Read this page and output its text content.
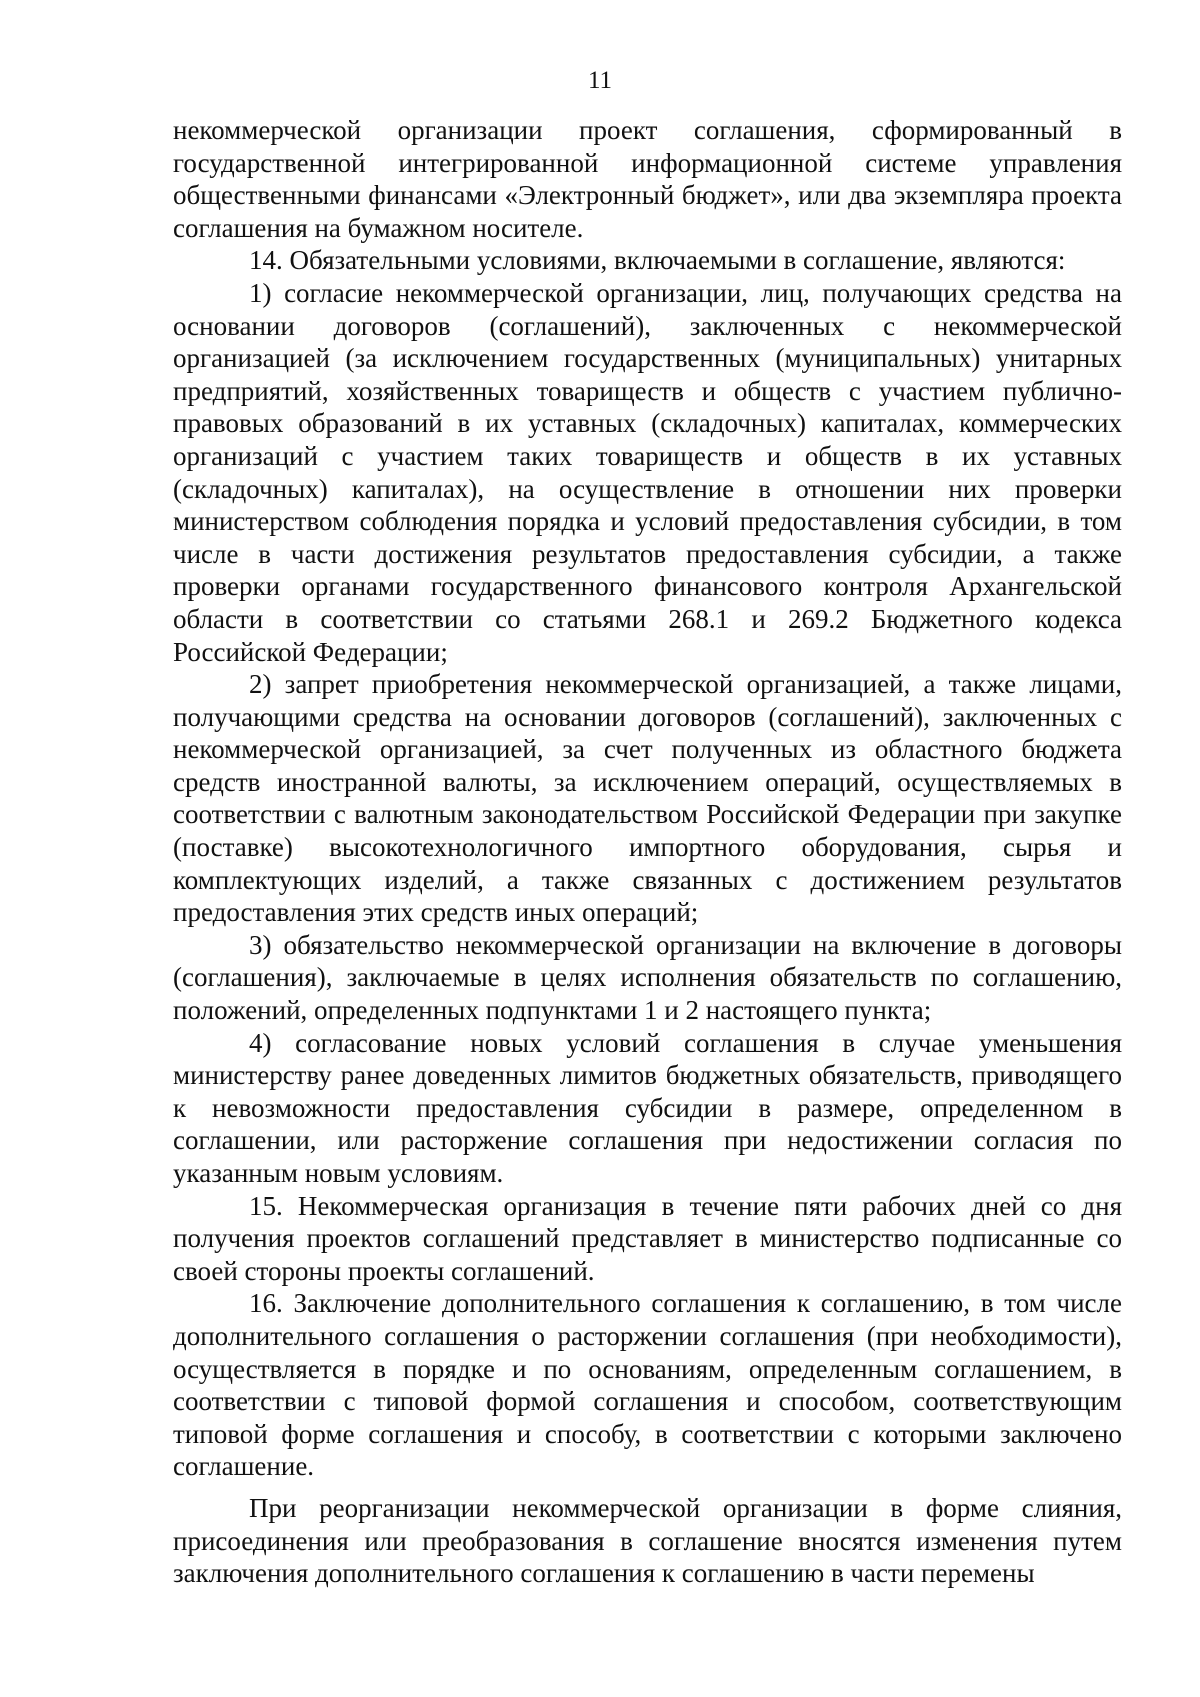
11

некоммерческой организации проект соглашения, сформированный в государственной интегрированной информационной системе управления общественными финансами «Электронный бюджет», или два экземпляра проекта соглашения на бумажном носителе.

14. Обязательными условиями, включаемыми в соглашение, являются:

1) согласие некоммерческой организации, лиц, получающих средства на основании договоров (соглашений), заключенных с некоммерческой организацией (за исключением государственных (муниципальных) унитарных предприятий, хозяйственных товариществ и обществ с участием публично-правовых образований в их уставных (складочных) капиталах, коммерческих организаций с участием таких товариществ и обществ в их уставных (складочных) капиталах), на осуществление в отношении них проверки министерством соблюдения порядка и условий предоставления субсидии, в том числе в части достижения результатов предоставления субсидии, а также проверки органами государственного финансового контроля Архангельской области в соответствии со статьями 268.1 и 269.2 Бюджетного кодекса Российской Федерации;

2) запрет приобретения некоммерческой организацией, а также лицами, получающими средства на основании договоров (соглашений), заключенных с некоммерческой организацией, за счет полученных из областного бюджета средств иностранной валюты, за исключением операций, осуществляемых в соответствии с валютным законодательством Российской Федерации при закупке (поставке) высокотехнологичного импортного оборудования, сырья и комплектующих изделий, а также связанных с достижением результатов предоставления этих средств иных операций;

3) обязательство некоммерческой организации на включение в договоры (соглашения), заключаемые в целях исполнения обязательств по соглашению, положений, определенных подпунктами 1 и 2 настоящего пункта;

4) согласование новых условий соглашения в случае уменьшения министерству ранее доведенных лимитов бюджетных обязательств, приводящего к невозможности предоставления субсидии в размере, определенном в соглашении, или расторжение соглашения при недостижении согласия по указанным новым условиям.

15. Некоммерческая организация в течение пяти рабочих дней со дня получения проектов соглашений представляет в министерство подписанные со своей стороны проекты соглашений.

16. Заключение дополнительного соглашения к соглашению, в том числе дополнительного соглашения о расторжении соглашения (при необходимости), осуществляется в порядке и по основаниям, определенным соглашением, в соответствии с типовой формой соглашения и способом, соответствующим типовой форме соглашения и способу, в соответствии с которыми заключено соглашение.

При реорганизации некоммерческой организации в форме слияния, присоединения или преобразования в соглашение вносятся изменения путем заключения дополнительного соглашения к соглашению в части перемены
